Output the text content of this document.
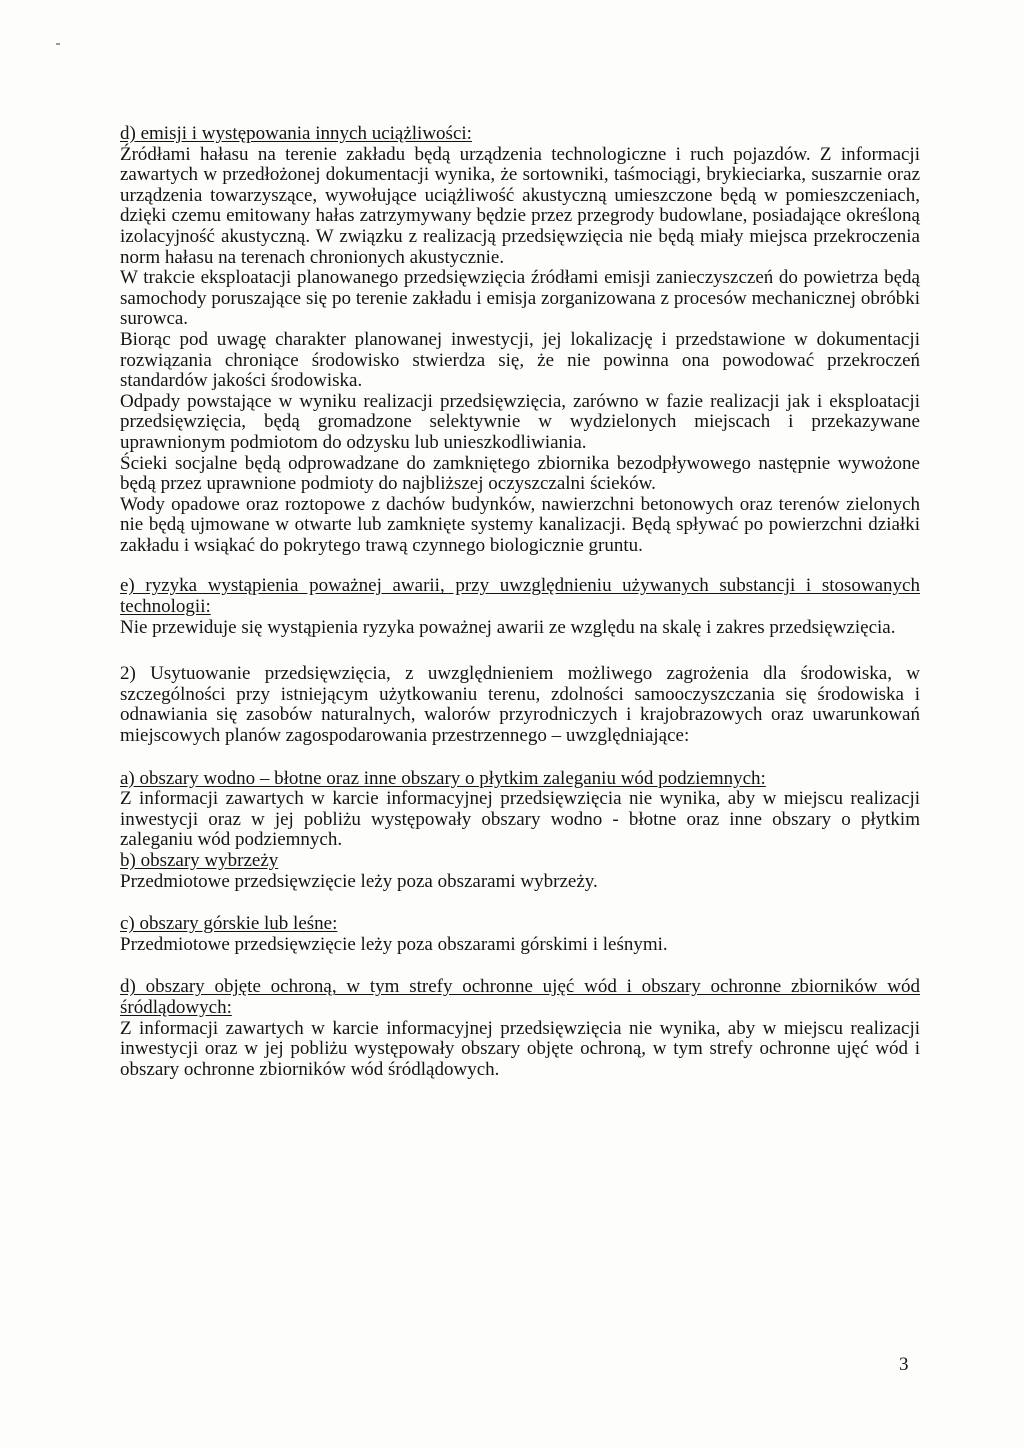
d) emisji i występowania innych uciążliwości:

Źródłami hałasu na terenie zakładu będą urządzenia technologiczne i ruch pojazdów. Z informacji zawartych w przedłożonej dokumentacji wynika, że sortowniki, taśmociągi, brykieciarka, suszarnie oraz urządzenia towarzyszące, wywołujące uciążliwość akustyczną umieszczone będą w pomieszczeniach, dzięki czemu emitowany hałas zatrzymywany będzie przez przegrody budowlane, posiadające określoną izolacyjność akustyczną. W związku z realizacją przedsięwzięcia nie będą miały miejsca przekroczenia norm hałasu na terenach chronionych akustycznie.

W trakcie eksploatacji planowanego przedsięwzięcia źródłami emisji zanieczyszczeń do powietrza będą samochody poruszające się po terenie zakładu i emisja zorganizowana z procesów mechanicznej obróbki surowca.

Biorąc pod uwagę charakter planowanej inwestycji, jej lokalizację i przedstawione w dokumentacji rozwiązania chroniące środowisko stwierdza się, że nie powinna ona powodować przekroczeń standardów jakości środowiska.

Odpady powstające w wyniku realizacji przedsięwzięcia, zarówno w fazie realizacji jak i eksploatacji przedsięwzięcia, będą gromadzone selektywnie w wydzielonych miejscach i przekazywane uprawnionym podmiotom do odzysku lub unieszkodliwiania.

Ścieki socjalne będą odprowadzane do zamkniętego zbiornika bezodpływowego następnie wywożone będą przez uprawnione podmioty do najbliższej oczyszczalni ścieków.

Wody opadowe oraz roztopowe z dachów budynków, nawierzchni betonowych oraz terenów zielonych nie będą ujmowane w otwarte lub zamknięte systemy kanalizacji. Będą spływać po powierzchni działki zakładu i wsiąkać do pokrytego trawą czynnego biologicznie gruntu.

e) ryzyka wystąpienia poważnej awarii, przy uwzględnieniu używanych substancji i stosowanych technologii:

Nie przewiduje się wystąpienia ryzyka poważnej awarii ze względu na skalę i zakres przedsięwzięcia.

2) Usytuowanie przedsięwzięcia, z uwzględnieniem możliwego zagrożenia dla środowiska, w szczególności przy istniejącym użytkowaniu terenu, zdolności samooczyszczania się środowiska i odnawiania się zasobów naturalnych, walorów przyrodniczych i krajobrazowych oraz uwarunkowań miejscowych planów zagospodarowania przestrzennego – uwzględniające:

a) obszary wodno – błotne oraz inne obszary o płytkim zaleganiu wód podziemnych:

Z informacji zawartych w karcie informacyjnej przedsięwzięcia nie wynika, aby w miejscu realizacji inwestycji oraz w jej pobliżu występowały obszary wodno - błotne oraz inne obszary o płytkim zaleganiu wód podziemnych.

b) obszary wybrzeży

Przedmiotowe przedsięwzięcie leży poza obszarami wybrzeży.

c) obszary górskie lub leśne:

Przedmiotowe przedsięwzięcie leży poza obszarami górskimi i leśnymi.

d) obszary objęte ochroną, w tym strefy ochronne ujęć wód i obszary ochronne zbiorników wód śródlądowych:

Z informacji zawartych w karcie informacyjnej przedsięwzięcia nie wynika, aby w miejscu realizacji inwestycji oraz w jej pobliżu występowały obszary objęte ochroną, w tym strefy ochronne ujęć wód i obszary ochronne zbiorników wód śródlądowych.

3
